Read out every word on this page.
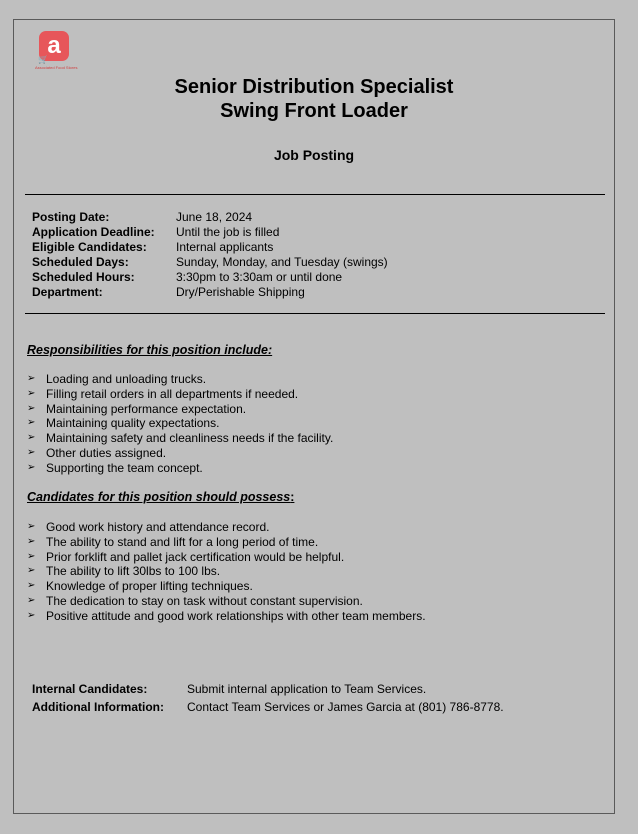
a
🛒
Associated Food Stores
Senior Distribution Specialist
Swing Front Loader
Job Posting
Posting Date:	June 18, 2024
Application Deadline:	Until the job is filled
Eligible Candidates:	Internal applicants
Scheduled Days:	Sunday, Monday, and Tuesday (swings)
Scheduled Hours:	3:30pm to 3:30am or until done
Department:	Dry/Perishable Shipping
Responsibilities for this position include:
➢ Loading and unloading trucks.
➢ Filling retail orders in all departments if needed.
➢ Maintaining performance expectation.
➢ Maintaining quality expectations.
➢ Maintaining safety and cleanliness needs if the facility.
➢ Other duties assigned.
➢ Supporting the team concept.
Candidates for this position should possess:
➢ Good work history and attendance record.
➢ The ability to stand and lift for a long period of time.
➢ Prior forklift and pallet jack certification would be helpful.
➢ The ability to lift 30lbs to 100 lbs.
➢ Knowledge of proper lifting techniques.
➢ The dedication to stay on task without constant supervision.
➢ Positive attitude and good work relationships with other team members.
Internal Candidates:	Submit internal application to Team Services.
Additional Information:	Contact Team Services or James Garcia at (801) 786-8778.
